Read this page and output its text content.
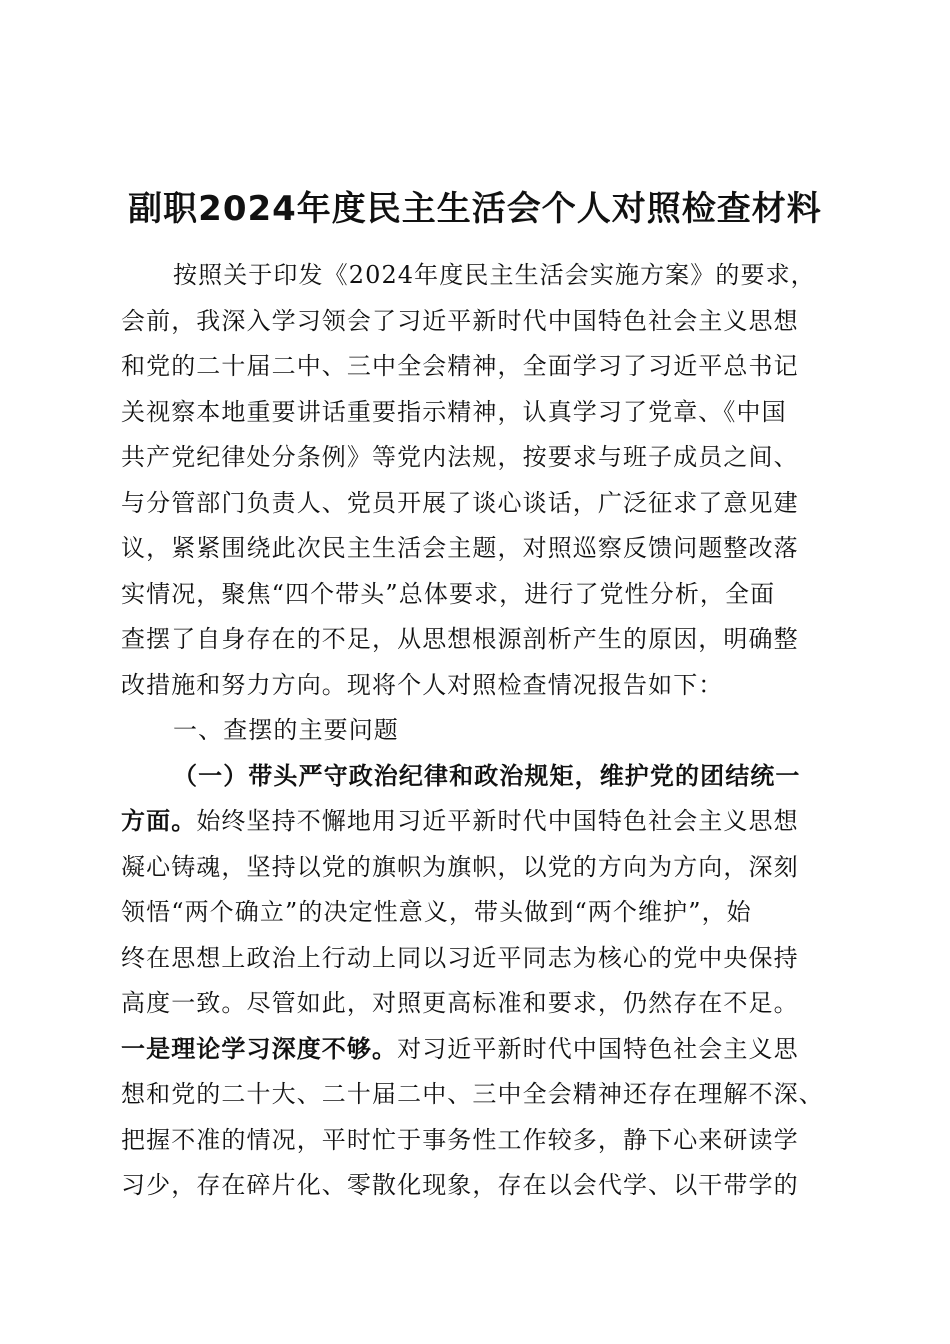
副职2024年度民主生活会个人对照检查材料
按照关于印发《2024年度民主生活会实施方案》的要求，
会前，我深入学习领会了习近平新时代中国特色社会主义思想
和党的二十届二中、三中全会精神，全面学习了习近平总书记
关视察本地重要讲话重要指示精神，认真学习了党章、《中国
共产党纪律处分条例》等党内法规，按要求与班子成员之间、
与分管部门负责人、党员开展了谈心谈话，广泛征求了意见建
议，紧紧围绕此次民主生活会主题，对照巡察反馈问题整改落
实情况，聚焦“四个带头”总体要求，进行了党性分析，全面
查摆了自身存在的不足，从思想根源剖析产生的原因，明确整
改措施和努力方向。现将个人对照检查情况报告如下：
一、查摆的主要问题
（一）带头严守政治纪律和政治规矩，维护党的团结统一
方面。始终坚持不懈地用习近平新时代中国特色社会主义思想
凝心铸魂，坚持以党的旗帜为旗帜，以党的方向为方向，深刻
领悟“两个确立”的决定性意义，带头做到“两个维护”，始
终在思想上政治上行动上同以习近平同志为核心的党中央保持
高度一致。尽管如此，对照更高标准和要求，仍然存在不足。
一是理论学习深度不够。对习近平新时代中国特色社会主义思
想和党的二十大、二十届二中、三中全会精神还存在理解不深、
把握不准的情况，平时忙于事务性工作较多，静下心来研读学
习少，存在碎片化、零散化现象，存在以会代学、以干带学的
